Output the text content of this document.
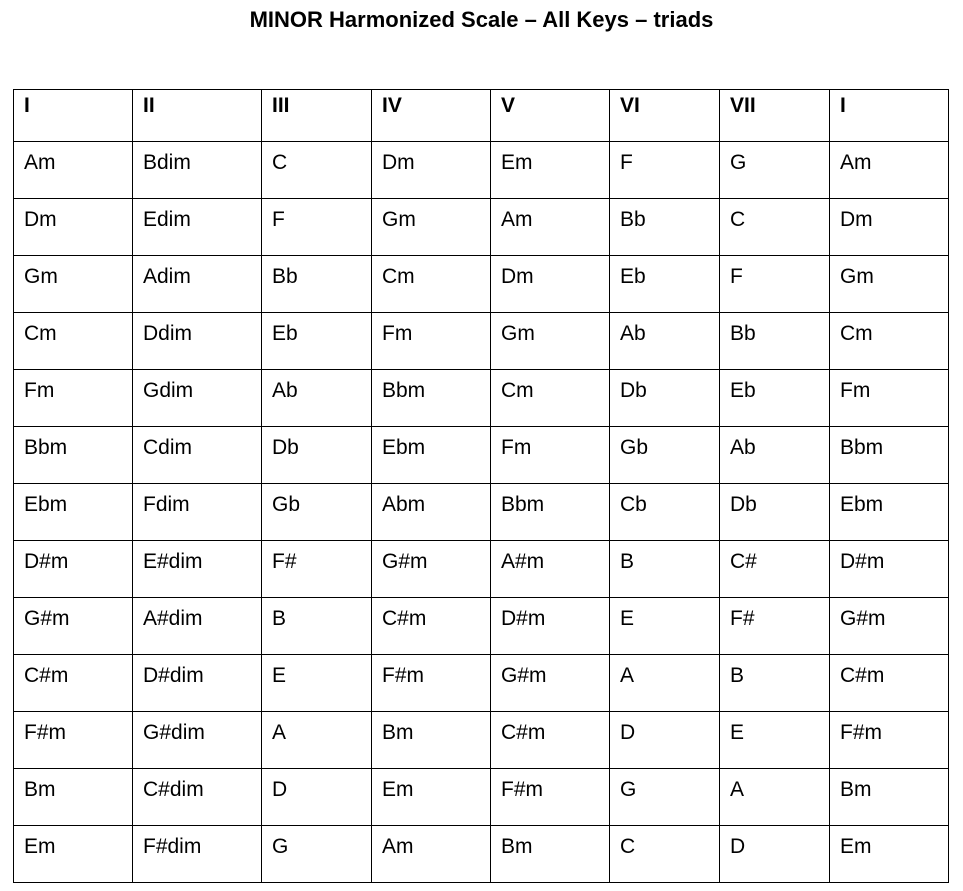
MINOR Harmonized Scale – All Keys – triads
I	II	III	IV	V	VI	VII	I
Am	Bdim	C	Dm	Em	F	G	Am
Dm	Edim	F	Gm	Am	Bb	C	Dm
Gm	Adim	Bb	Cm	Dm	Eb	F	Gm
Cm	Ddim	Eb	Fm	Gm	Ab	Bb	Cm
Fm	Gdim	Ab	Bbm	Cm	Db	Eb	Fm
Bbm	Cdim	Db	Ebm	Fm	Gb	Ab	Bbm
Ebm	Fdim	Gb	Abm	Bbm	Cb	Db	Ebm
D#m	E#dim	F#	G#m	A#m	B	C#	D#m
G#m	A#dim	B	C#m	D#m	E	F#	G#m
C#m	D#dim	E	F#m	G#m	A	B	C#m
F#m	G#dim	A	Bm	C#m	D	E	F#m
Bm	C#dim	D	Em	F#m	G	A	Bm
Em	F#dim	G	Am	Bm	C	D	Em
